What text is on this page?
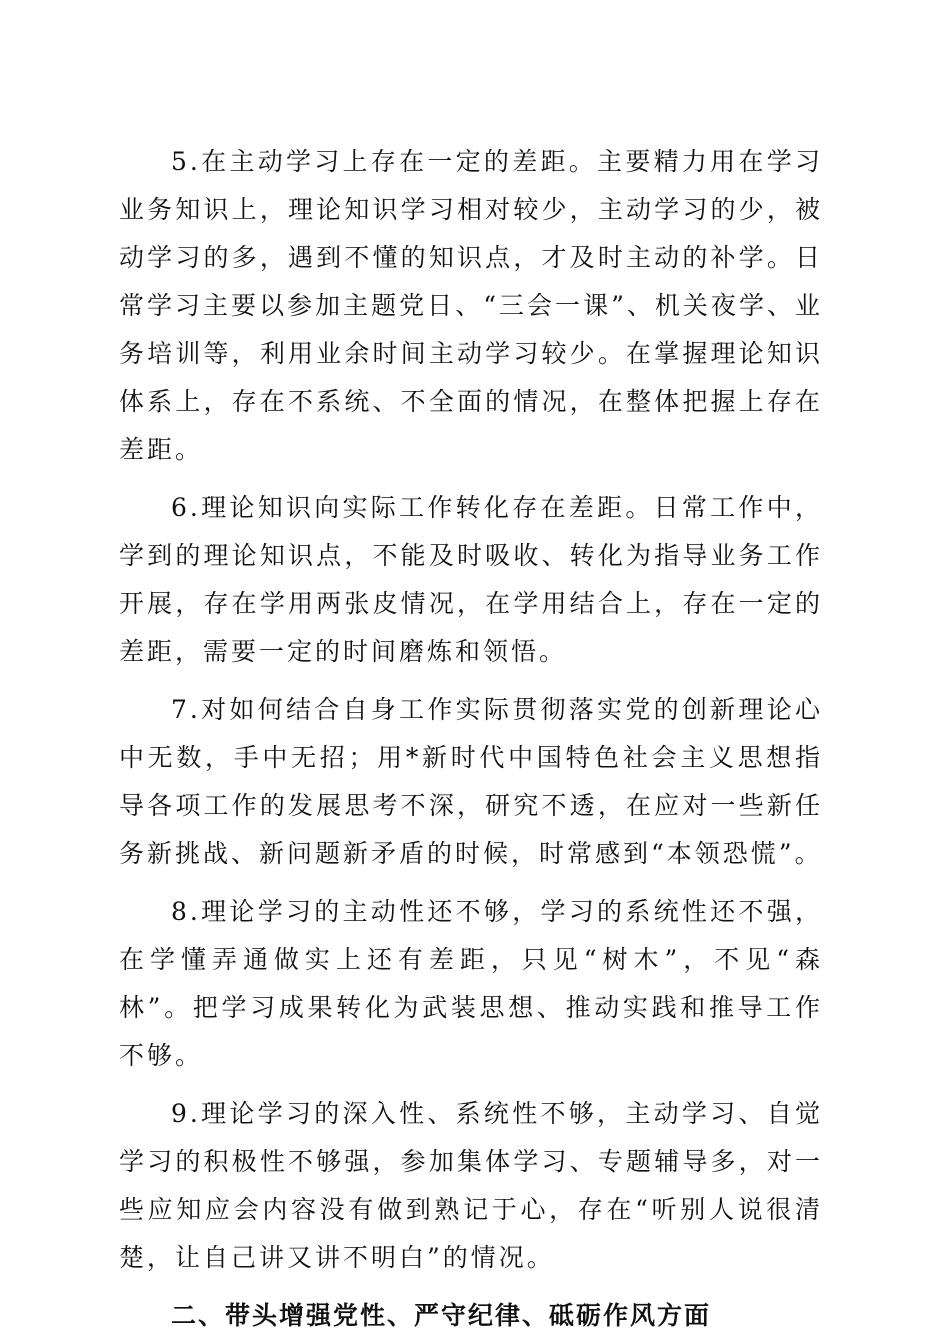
5.在主动学习上存在一定的差距。主要精力用在学习业务知识上，理论知识学习相对较少，主动学习的少，被动学习的多，遇到不懂的知识点，才及时主动的补学。日常学习主要以参加主题党日、“三会一课”、机关夜学、业务培训等，利用业余时间主动学习较少。在掌握理论知识体系上，存在不系统、不全面的情况，在整体把握上存在差距。

6.理论知识向实际工作转化存在差距。日常工作中，学到的理论知识点，不能及时吸收、转化为指导业务工作开展，存在学用两张皮情况，在学用结合上，存在一定的差距，需要一定的时间磨炼和领悟。

7.对如何结合自身工作实际贯彻落实党的创新理论心中无数，手中无招；用*新时代中国特色社会主义思想指导各项工作的发展思考不深，研究不透，在应对一些新任务新挑战、新问题新矛盾的时候，时常感到“本领恐慌”。

8.理论学习的主动性还不够，学习的系统性还不强，在学懂弄通做实上还有差距，只见“树木”，不见“森林”。把学习成果转化为武装思想、推动实践和推导工作不够。

9.理论学习的深入性、系统性不够，主动学习、自觉学习的积极性不够强，参加集体学习、专题辅导多，对一些应知应会内容没有做到熟记于心，存在“听别人说很清楚，让自己讲又讲不明白”的情况。

二、带头增强党性、严守纪律、砥砺作风方面
